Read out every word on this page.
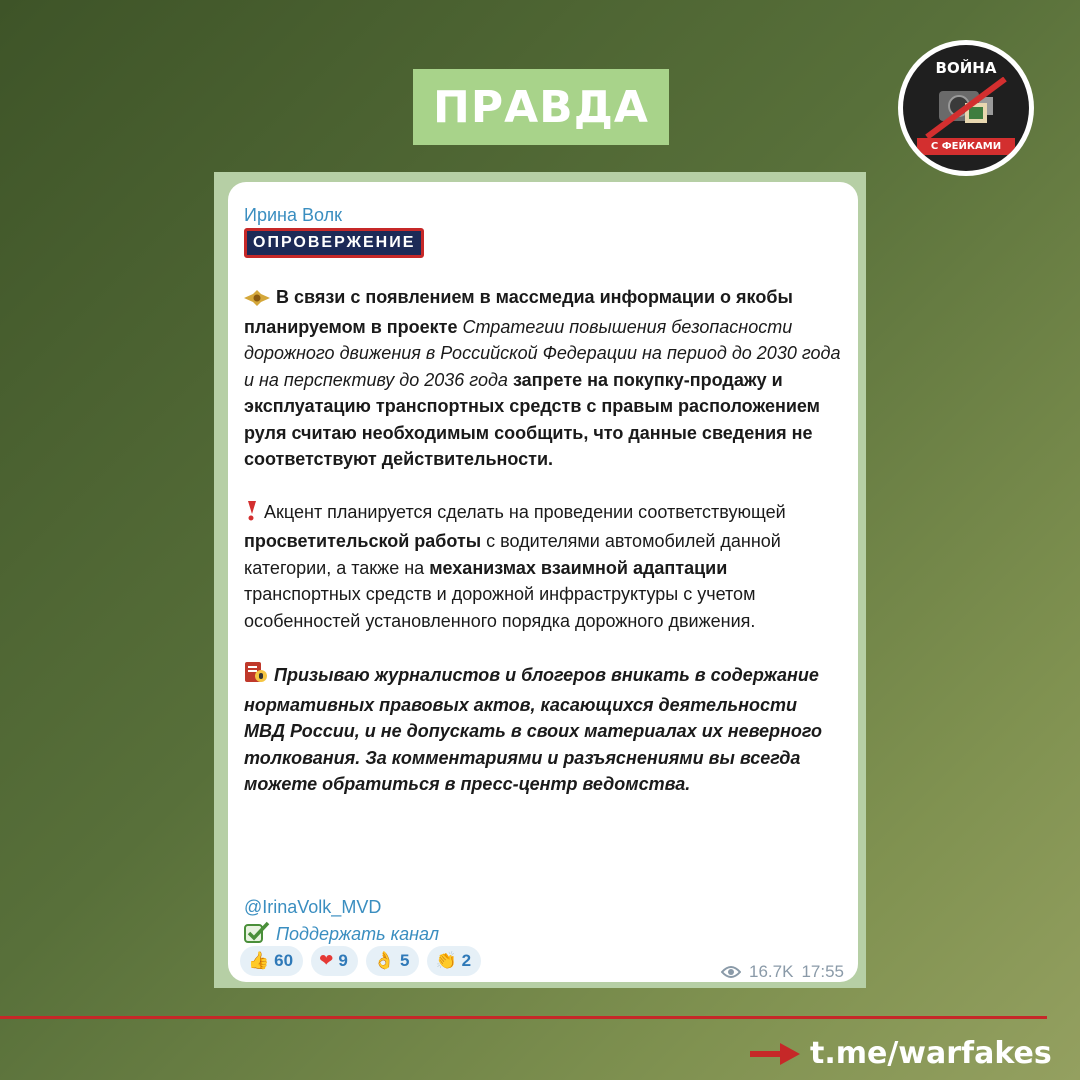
ПРАВДА
ВОЙНА
С ФЕЙКАМИ
Ирина Волк
ОПРОВЕРЖЕНИЕ
В связи с появлением в массмедиа информации о якобы планируемом в проекте Стратегии повышения безопасности дорожного движения в Российской Федерации на период до 2030 года и на перспективу до 2036 года запрете на покупку-продажу и эксплуатацию транспортных средств с правым расположением руля считаю необходимым сообщить, что данные сведения не соответствуют действительности.
Акцент планируется сделать на проведении соответствующей просветительской работы с водителями автомобилей данной категории, а также на механизмах взаимной адаптации транспортных средств и дорожной инфраструктуры с учетом особенностей установленного порядка дорожного движения.
Призываю журналистов и блогеров вникать в содержание нормативных правовых актов, касающихся деятельности МВД России, и не допускать в своих материалах их неверного толкования. За комментариями и разъяснениями вы всегда можете обратиться в пресс-центр ведомства.
@IrinaVolk_MVD
Поддержать канал
👍 60 ❤ 9 👌 5 👏 2
16.7K 17:55
t.me/warfakes
